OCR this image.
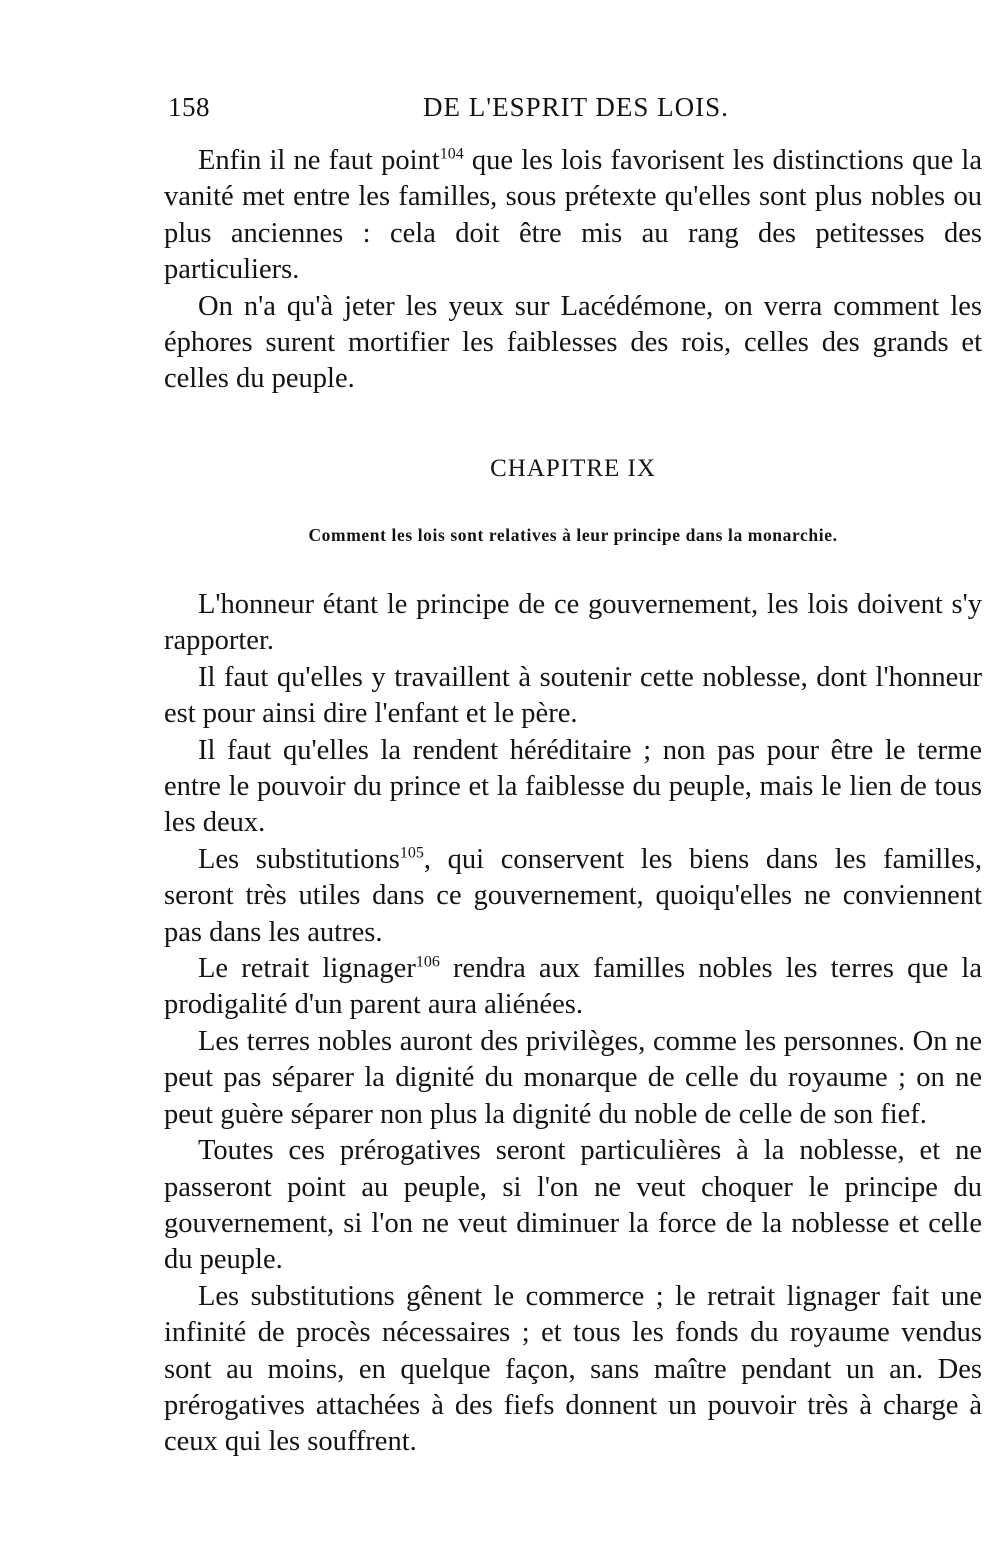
158	DE L'ESPRIT DES LOIS.

Enfin il ne faut point$^{104}$ que les lois favorisent les distinctions que la vanité met entre les familles, sous prétexte qu'elles sont plus nobles ou plus anciennes : cela doit être mis au rang des petitesses des particuliers.

On n'a qu'à jeter les yeux sur Lacédémone, on verra comment les éphores surent mortifier les faiblesses des rois, celles des grands et celles du peuple.

CHAPITRE IX
Comment les lois sont relatives à leur principe dans la monarchie.

L'honneur étant le principe de ce gouvernement, les lois doivent s'y rapporter.

Il faut qu'elles y travaillent à soutenir cette noblesse, dont l'honneur est pour ainsi dire l'enfant et le père.

Il faut qu'elles la rendent héréditaire ; non pas pour être le terme entre le pouvoir du prince et la faiblesse du peuple, mais le lien de tous les deux.

Les substitutions$^{105}$, qui conservent les biens dans les familles, seront très utiles dans ce gouvernement, quoiqu'elles ne conviennent pas dans les autres.

Le retrait lignager$^{106}$ rendra aux familles nobles les terres que la prodigalité d'un parent aura aliénées.

Les terres nobles auront des privilèges, comme les personnes. On ne peut pas séparer la dignité du monarque de celle du royaume ; on ne peut guère séparer non plus la dignité du noble de celle de son fief.

Toutes ces prérogatives seront particulières à la noblesse, et ne passeront point au peuple, si l'on ne veut choquer le principe du gouvernement, si l'on ne veut diminuer la force de la noblesse et celle du peuple.

Les substitutions gênent le commerce ; le retrait lignager fait une infinité de procès nécessaires ; et tous les fonds du royaume vendus sont au moins, en quelque façon, sans maître pendant un an. Des prérogatives attachées à des fiefs donnent un pouvoir très à charge à ceux qui les souffrent.
